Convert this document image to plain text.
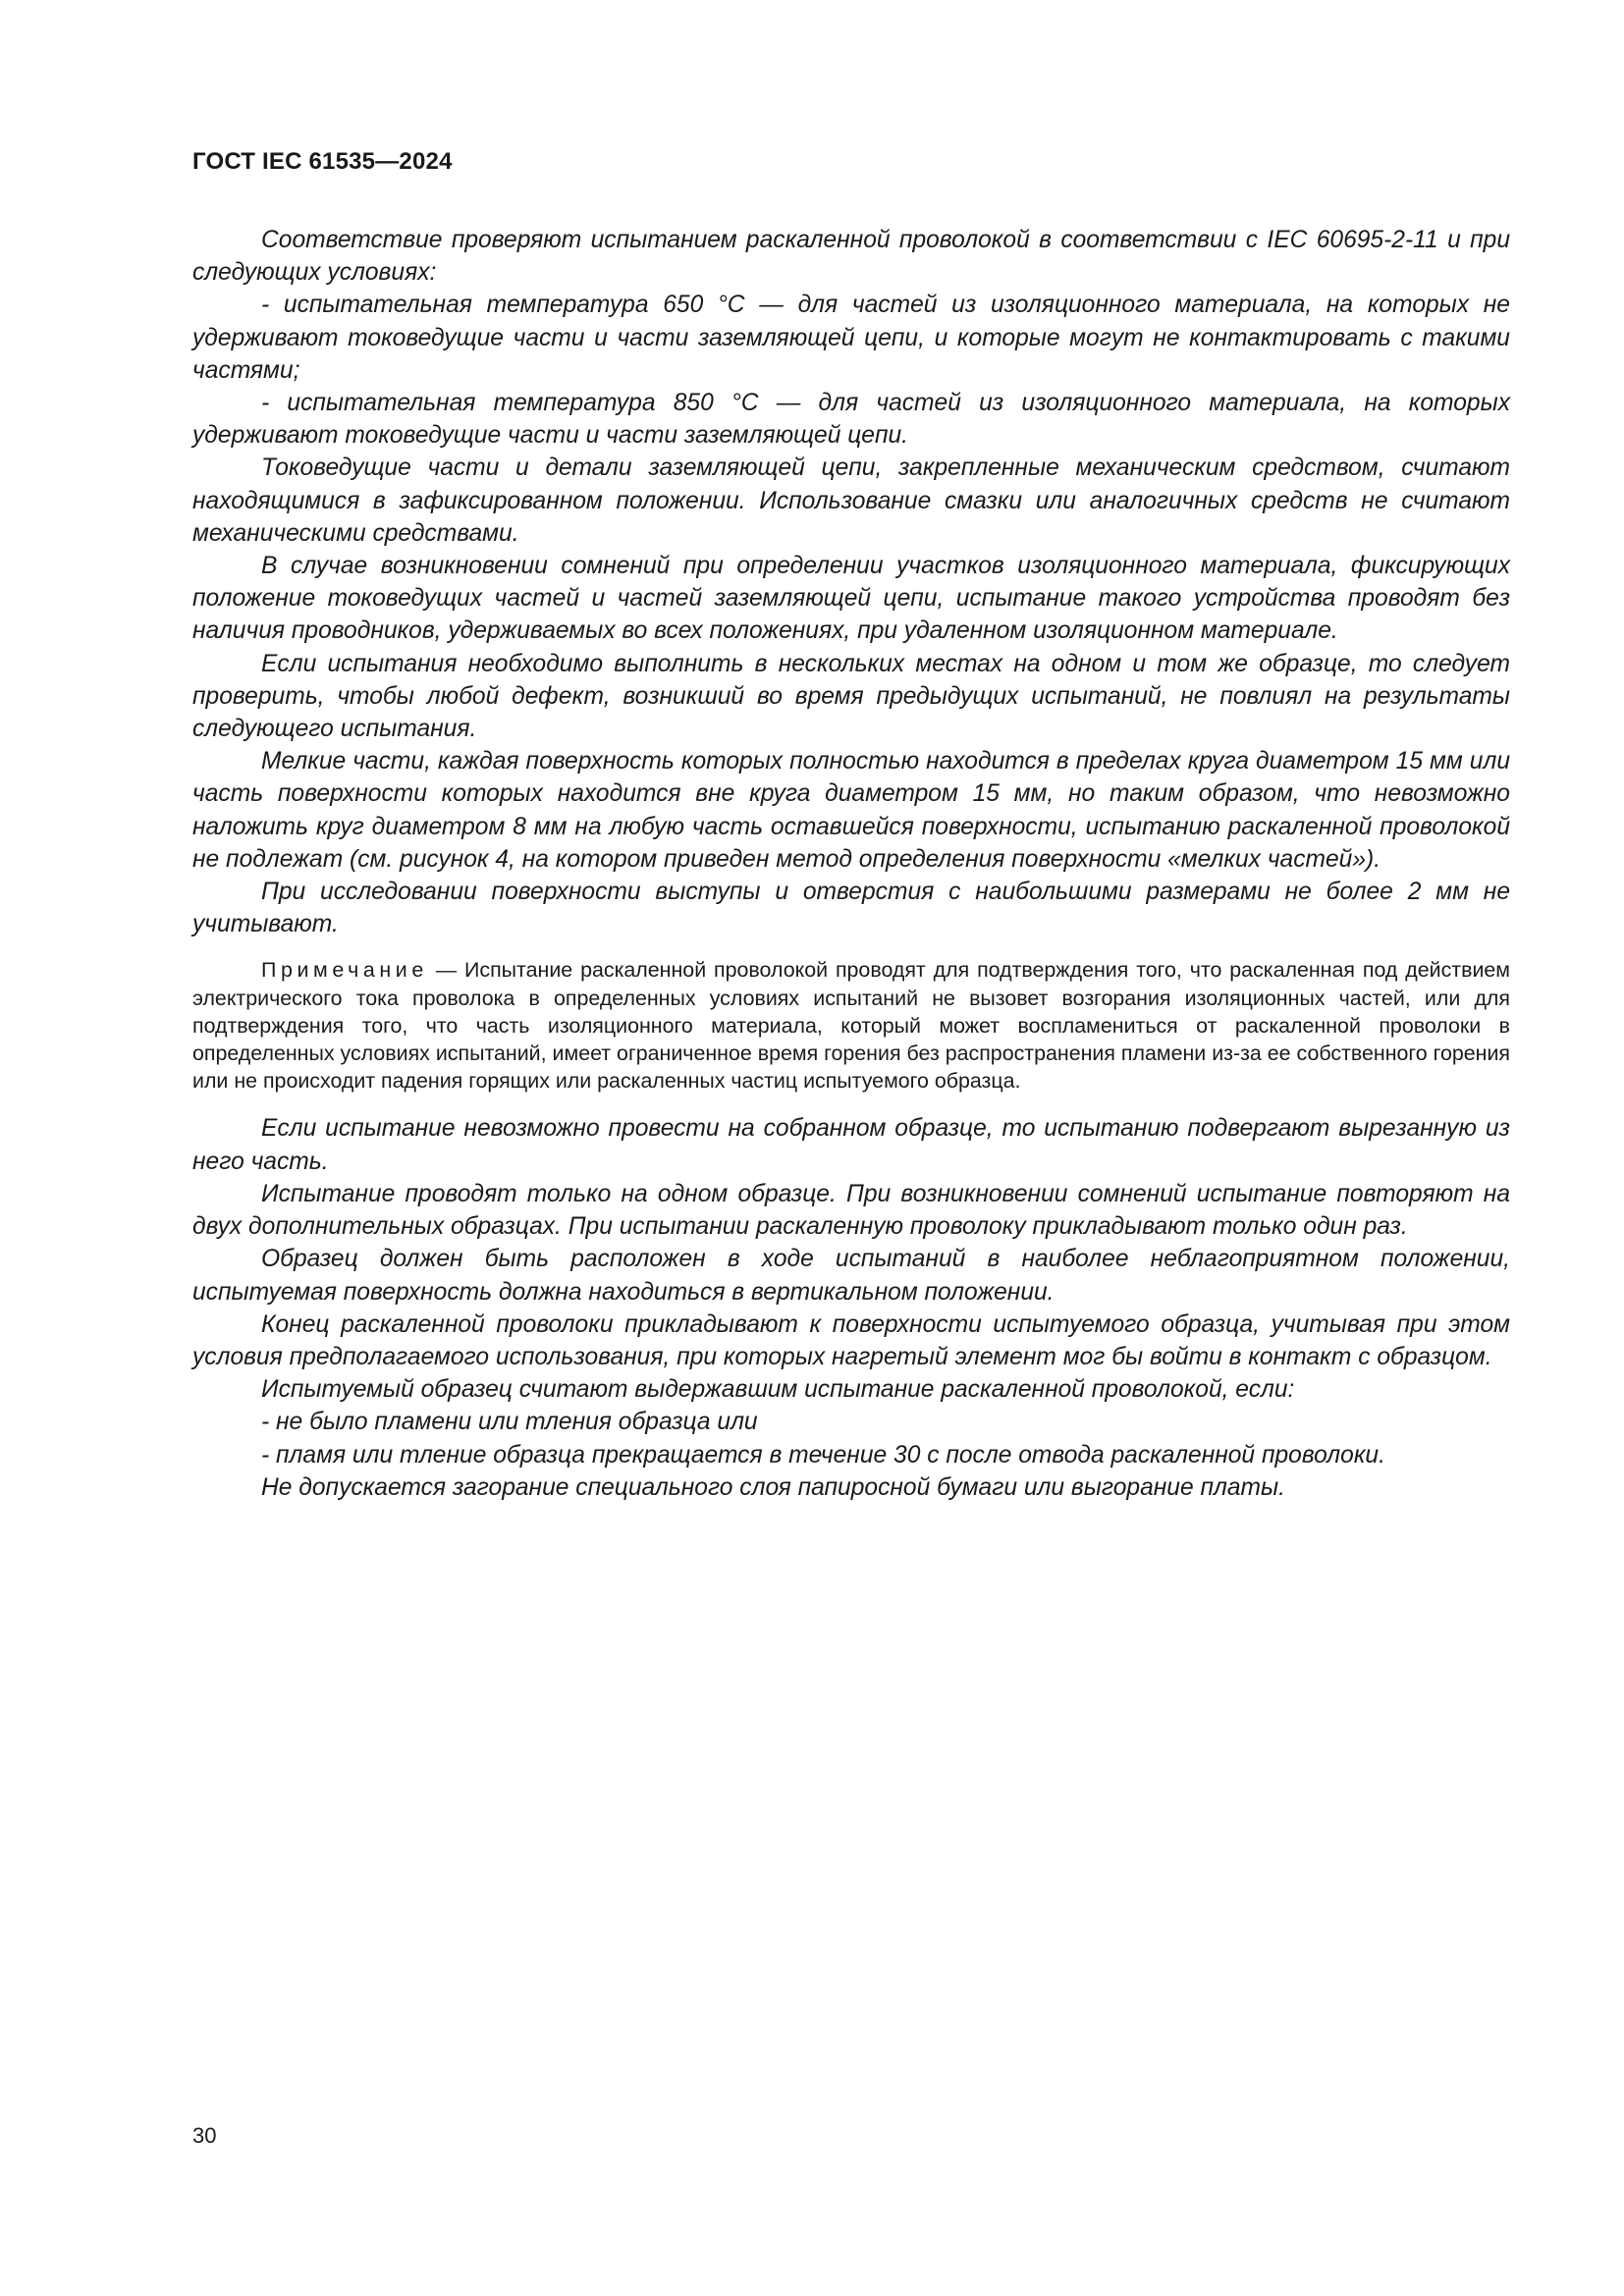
ГОСТ IEC 61535—2024

Соответствие проверяют испытанием раскаленной проволокой в соответствии с IEC 60695-2-11 и при следующих условиях:

- испытательная температура 650 °C — для частей из изоляционного материала, на которых не удерживают токоведущие части и части заземляющей цепи, и которые могут не контактировать с такими частями;

- испытательная температура 850 °C — для частей из изоляционного материала, на которых удерживают токоведущие части и части заземляющей цепи.

Токоведущие части и детали заземляющей цепи, закрепленные механическим средством, считают находящимися в зафиксированном положении. Использование смазки или аналогичных средств не считают механическими средствами.

В случае возникновении сомнений при определении участков изоляционного материала, фиксирующих положение токоведущих частей и частей заземляющей цепи, испытание такого устройства проводят без наличия проводников, удерживаемых во всех положениях, при удаленном изоляционном материале.

Если испытания необходимо выполнить в нескольких местах на одном и том же образце, то следует проверить, чтобы любой дефект, возникший во время предыдущих испытаний, не повлиял на результаты следующего испытания.

Мелкие части, каждая поверхность которых полностью находится в пределах круга диаметром 15 мм или часть поверхности которых находится вне круга диаметром 15 мм, но таким образом, что невозможно наложить круг диаметром 8 мм на любую часть оставшейся поверхности, испытанию раскаленной проволокой не подлежат (см. рисунок 4, на котором приведен метод определения поверхности «мелких частей»).

При исследовании поверхности выступы и отверстия с наибольшими размерами не более 2 мм не учитывают.

Примечание — Испытание раскаленной проволокой проводят для подтверждения того, что раскаленная под действием электрического тока проволока в определенных условиях испытаний не вызовет возгорания изоляционных частей, или для подтверждения того, что часть изоляционного материала, который может воспламениться от раскаленной проволоки в определенных условиях испытаний, имеет ограниченное время горения без распространения пламени из-за ее собственного горения или не происходит падения горящих или раскаленных частиц испытуемого образца.

Если испытание невозможно провести на собранном образце, то испытанию подвергают вырезанную из него часть.

Испытание проводят только на одном образце. При возникновении сомнений испытание повторяют на двух дополнительных образцах. При испытании раскаленную проволоку прикладывают только один раз.

Образец должен быть расположен в ходе испытаний в наиболее неблагоприятном положении, испытуемая поверхность должна находиться в вертикальном положении.

Конец раскаленной проволоки прикладывают к поверхности испытуемого образца, учитывая при этом условия предполагаемого использования, при которых нагретый элемент мог бы войти в контакт с образцом.

Испытуемый образец считают выдержавшим испытание раскаленной проволокой, если:

- не было пламени или тления образца или

- пламя или тление образца прекращается в течение 30 с после отвода раскаленной проволоки.

Не допускается загорание специального слоя папиросной бумаги или выгорание платы.

30
